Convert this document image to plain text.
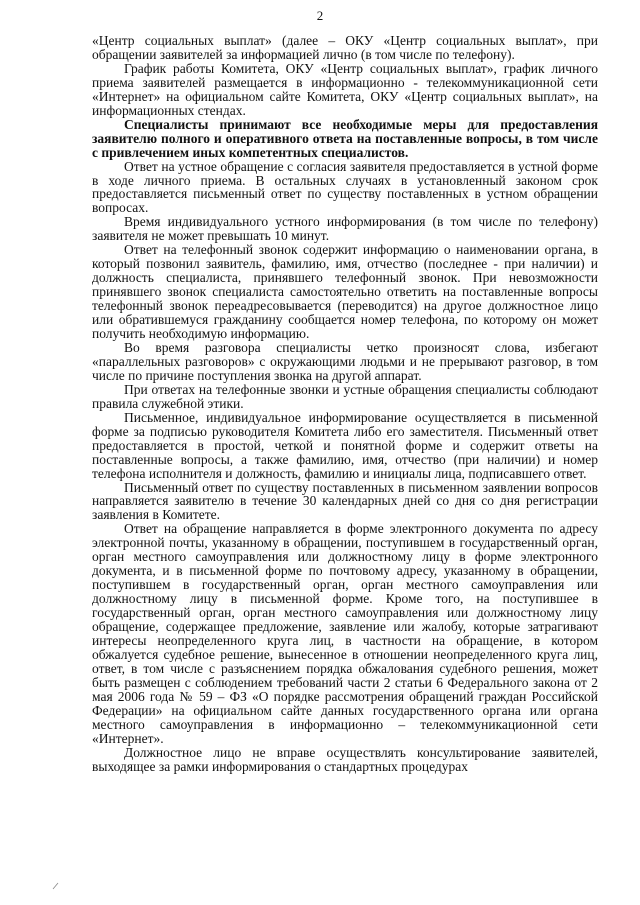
2

«Центр социальных выплат» (далее – ОКУ «Центр социальных выплат», при обращении заявителей за информацией лично (в том числе по телефону).

График работы Комитета, ОКУ «Центр социальных выплат», график личного приема заявителей размещается в информационно - телекоммуникационной сети «Интернет» на официальном сайте Комитета, ОКУ «Центр социальных выплат», на информационных стендах.

Специалисты принимают все необходимые меры для предоставления заявителю полного и оперативного ответа на поставленные вопросы, в том числе с привлечением иных компетентных специалистов.

Ответ на устное обращение с согласия заявителя предоставляется в устной форме в ходе личного приема. В остальных случаях в установленный законом срок предоставляется письменный ответ по существу поставленных в устном обращении вопросах.

Время индивидуального устного информирования (в том числе по телефону) заявителя не может превышать 10 минут.

Ответ на телефонный звонок содержит информацию о наименовании органа, в который позвонил заявитель, фамилию, имя, отчество (последнее - при наличии) и должность специалиста, принявшего телефонный звонок. При невозможности принявшего звонок специалиста самостоятельно ответить на поставленные вопросы телефонный звонок переадресовывается (переводится) на другое должностное лицо или обратившемуся гражданину сообщается номер телефона, по которому он может получить необходимую информацию.

Во время разговора специалисты четко произносят слова, избегают «параллельных разговоров» с окружающими людьми и не прерывают разговор, в том числе по причине поступления звонка на другой аппарат.

При ответах на телефонные звонки и устные обращения специалисты соблюдают правила служебной этики.

Письменное, индивидуальное информирование осуществляется в письменной форме за подписью руководителя Комитета либо его заместителя. Письменный ответ предоставляется в простой, четкой и понятной форме и содержит ответы на поставленные вопросы, а также фамилию, имя, отчество (при наличии) и номер телефона исполнителя и должность, фамилию и инициалы лица, подписавшего ответ.

Письменный ответ по существу поставленных в письменном заявлении вопросов направляется заявителю в течение 30 календарных дней со дня со дня регистрации заявления в Комитете.

Ответ на обращение направляется в форме электронного документа по адресу электронной почты, указанному в обращении, поступившем в государственный орган, орган местного самоуправления или должностному лицу в форме электронного документа, и в письменной форме по почтовому адресу, указанному в обращении, поступившем в государственный орган, орган местного самоуправления или должностному лицу в письменной форме. Кроме того, на поступившее в государственный орган, орган местного самоуправления или должностному лицу обращение, содержащее предложение, заявление или жалобу, которые затрагивают интересы неопределенного круга лиц, в частности на обращение, в котором обжалуется судебное решение, вынесенное в отношении неопределенного круга лиц, ответ, в том числе с разъяснением порядка обжалования судебного решения, может быть размещен с соблюдением требований части 2 статьи 6 Федерального закона от 2 мая 2006 года № 59 – ФЗ «О порядке рассмотрения обращений граждан Российской Федерации» на официальном сайте данных государственного органа или органа местного самоуправления в информационно – телекоммуникационной сети «Интернет».

Должностное лицо не вправе осуществлять консультирование заявителей, выходящее за рамки информирования о стандартных процедурах
